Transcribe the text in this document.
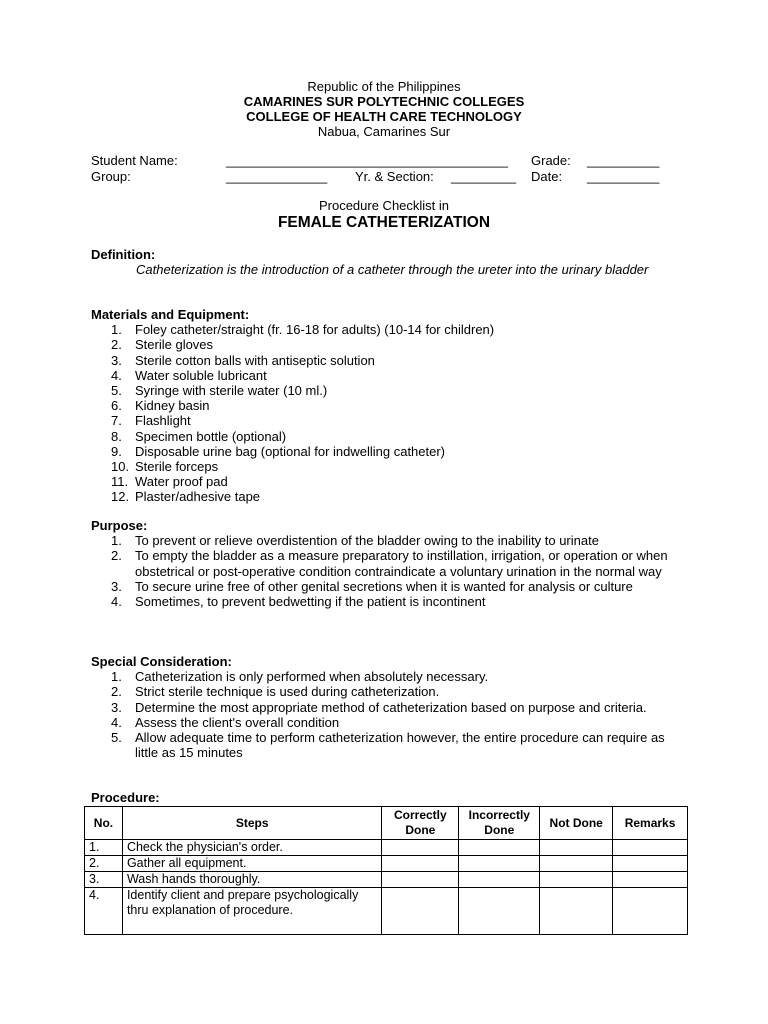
Republic of the Philippines
CAMARINES SUR POLYTECHNIC COLLEGES
COLLEGE OF HEALTH CARE TECHNOLOGY
Nabua, Camarines Sur
Student Name:	_______________________________________ Grade: __________
Group:	______________ Yr. & Section: _________ Date: __________
Procedure Checklist in
FEMALE CATHETERIZATION
Definition:
Catheterization is the introduction of a catheter through the ureter into the urinary bladder
Materials and Equipment:
1.	Foley catheter/straight (fr. 16-18 for adults) (10-14 for children)
2.	Sterile gloves
3.	Sterile cotton balls with antiseptic solution
4.	Water soluble lubricant
5.	Syringe with sterile water (10 ml.)
6.	Kidney basin
7.	Flashlight
8.	Specimen bottle (optional)
9.	Disposable urine bag (optional for indwelling catheter)
10. Sterile forceps
11. Water proof pad
12. Plaster/adhesive tape
Purpose:
1.	To prevent or relieve overdistention of the bladder owing to the inability to urinate
2.	To empty the bladder as a measure preparatory to instillation, irrigation, or operation or when obstetrical or post-operative condition contraindicate a voluntary urination in the normal way
3.	To secure urine free of other genital secretions when it is wanted for analysis or culture
4.	Sometimes, to prevent bedwetting if the patient is incontinent
Special Consideration:
1.	Catheterization is only performed when absolutely necessary.
2.	Strict sterile technique is used during catheterization.
3.	Determine the most appropriate method of catheterization based on purpose and criteria.
4.	Assess the client's overall condition
5.	Allow adequate time to perform catheterization however, the entire procedure can require as little as 15 minutes
Procedure:
No.	Steps	Correctly Done	Incorrectly Done	Not Done	Remarks
1.	Check the physician's order.				
2.	Gather all equipment.				
3.	Wash hands thoroughly.				
4.	Identify client and prepare psychologically thru explanation of procedure.				
